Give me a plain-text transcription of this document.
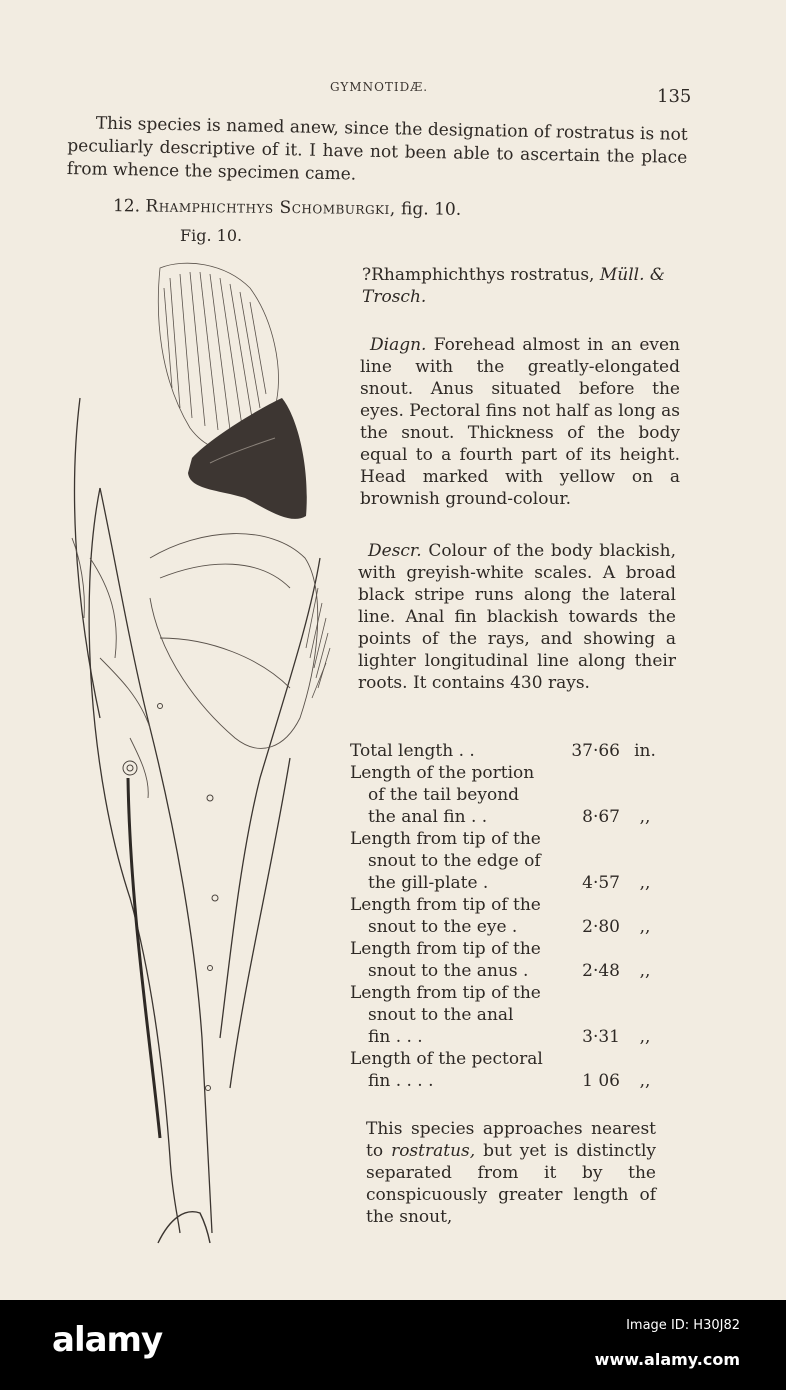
GYMNOTIDÆ.	135

This species is named anew, since the designation of rostratus is not peculiarly descriptive of it. I have not been able to ascertain the place from whence the specimen came.

12. Rhamphichthys Schomburgki, fig. 10.
Fig. 10.
?Rhamphichthys rostratus, Müll. & Trosch.

Diagn. Forehead almost in an even line with the greatly-elongated snout. Anus situated before the eyes. Pectoral fins not half as long as the snout. Thickness of the body equal to a fourth part of its height. Head marked with yellow on a brownish ground-colour.

Descr. Colour of the body blackish, with greyish-white scales. A broad black stripe runs along the lateral line. Anal fin blackish towards the points of the rays, and showing a lighter longitudinal line along their roots. It contains 430 rays.

Total length . .	37·66 in.
Length of the portion
of the tail beyond
the anal fin . .	8·67	,,
Length from tip of the
snout to the edge of
the gill-plate .	4·57	,,
Length from tip of the
snout to the eye .	2·80	,,
Length from tip of the
snout to the anus .	2·48	,,
Length from tip of the
snout to the anal
fin . . .	3·31	,,
Length of the pectoral
fin . . . .	1 06	,,

This species approaches nearest to rostratus, but yet is distinctly separated from it by the conspicuously greater length of the snout,

alamy	Image ID: H30J82
www.alamy.com
